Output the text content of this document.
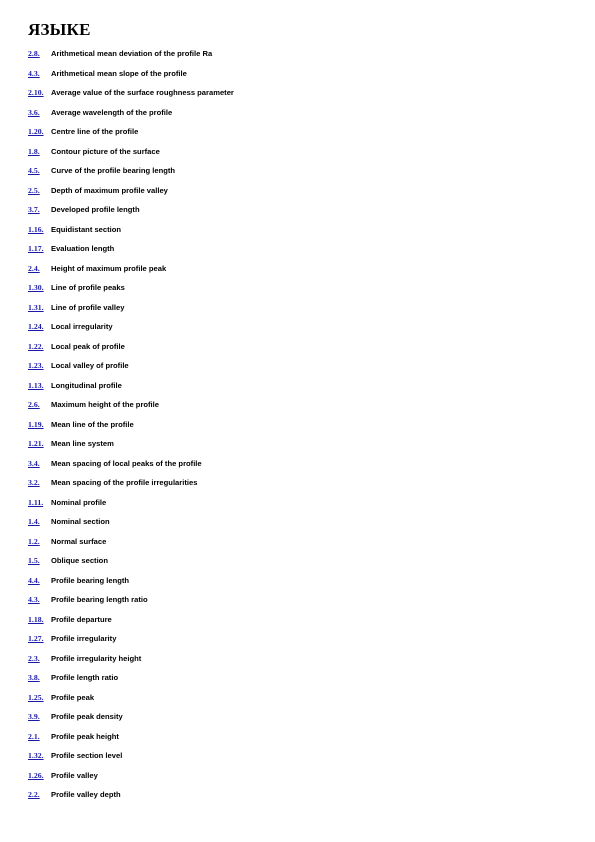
ЯЗЫКЕ
2.8.	Arithmetical mean deviation of the profile Ra
4.3.	Arithmetical mean slope of the profile
2.10. Average value of the surface roughness parameter
3.6.	Average wavelength of the profile
1.20. Centre line of the profile
1.8.	Contour picture of the surface
4.5.	Curve of the profile bearing length
2.5.	Depth of maximum profile valley
3.7.	Developed profile length
1.16. Equidistant section
1.17. Evaluation length
2.4.	Height of maximum profile peak
1.30. Line of profile peaks
1.31. Line of profile valley
1.24. Local irregularity
1.22. Local peak of profile
1.23. Local valley of profile
1.13. Longitudinal profile
2.6.	Maximum height of the profile
1.19. Mean line of the profile
1.21. Mean line system
3.4.	Mean spacing of local peaks of the profile
3.2.	Mean spacing of the profile irregularities
1.11.	Nominal profile
1.4.	Nominal section
1.2.	Normal surface
1.5.	Oblique section
4.4.	Profile bearing length
4.3.	Profile bearing length ratio
1.18. Profile departure
1.27. Profile irregularity
2.3.	Profile irregularity height
3.8.	Profile length ratio
1.25. Profile peak
3.9.	Profile peak density
2.1.	Profile peak height
1.32. Profile section level
1.26. Profile valley
2.2.	Profile valley depth
